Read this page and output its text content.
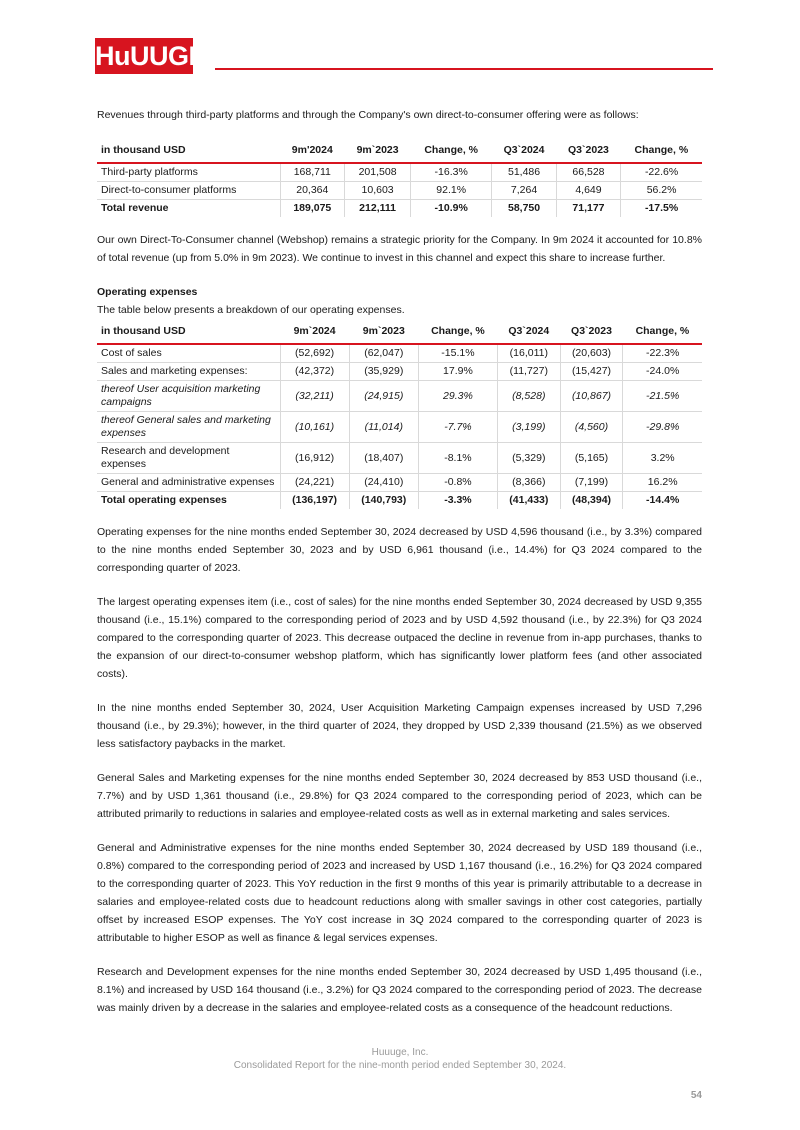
HuUUGE

Revenues through third-party platforms and through the Company's own direct-to-consumer offering were as follows:

in thousand USD	9m'2024	9m`2023	Change, %	Q3`2024	Q3`2023	Change, %
Third-party platforms	168,711	201,508	-16.3%	51,486	66,528	-22.6%
Direct-to-consumer platforms	20,364	10,603	92.1%	7,264	4,649	56.2%
Total revenue	189,075	212,111	-10.9%	58,750	71,177	-17.5%

Our own Direct-To-Consumer channel (Webshop) remains a strategic priority for the Company. In 9m 2024 it accounted for 10.8% of total revenue (up from 5.0% in 9m 2023). We continue to invest in this channel and expect this share to increase further.

Operating expenses

The table below presents a breakdown of our operating expenses.

in thousand USD	9m`2024	9m`2023	Change, %	Q3`2024	Q3`2023	Change, %
Cost of sales	(52,692)	(62,047)	-15.1%	(16,011)	(20,603)	-22.3%
Sales and marketing expenses:	(42,372)	(35,929)	17.9%	(11,727)	(15,427)	-24.0%
thereof User acquisition marketing campaigns	(32,211)	(24,915)	29.3%	(8,528)	(10,867)	-21.5%
thereof General sales and marketing expenses	(10,161)	(11,014)	-7.7%	(3,199)	(4,560)	-29.8%
Research and development expenses	(16,912)	(18,407)	-8.1%	(5,329)	(5,165)	3.2%
General and administrative expenses	(24,221)	(24,410)	-0.8%	(8,366)	(7,199)	16.2%
Total operating expenses	(136,197)	(140,793)	-3.3%	(41,433)	(48,394)	-14.4%

Operating expenses for the nine months ended September 30, 2024 decreased by USD 4,596 thousand (i.e., by 3.3%) compared to the nine months ended September 30, 2023 and by USD 6,961 thousand (i.e., 14.4%) for Q3 2024 compared to the corresponding quarter of 2023.

The largest operating expenses item (i.e., cost of sales) for the nine months ended September 30, 2024 decreased by USD 9,355 thousand (i.e., 15.1%) compared to the corresponding period of 2023 and by USD 4,592 thousand (i.e., by 22.3%) for Q3 2024 compared to the corresponding quarter of 2023. This decrease outpaced the decline in revenue from in-app purchases, thanks to the expansion of our direct-to-consumer webshop platform, which has significantly lower platform fees (and other associated costs).

In the nine months ended September 30, 2024, User Acquisition Marketing Campaign expenses increased by USD 7,296 thousand (i.e., by 29.3%); however, in the third quarter of 2024, they dropped by USD 2,339 thousand (21.5%) as we observed less satisfactory paybacks in the market.

General Sales and Marketing expenses for the nine months ended September 30, 2024 decreased by 853 USD thousand (i.e., 7.7%) and by USD 1,361 thousand (i.e., 29.8%) for Q3 2024 compared to the corresponding period of 2023, which can be attributed primarily to reductions in salaries and employee-related costs as well as in external marketing and sales services.

General and Administrative expenses for the nine months ended September 30, 2024 decreased by USD 189 thousand (i.e., 0.8%) compared to the corresponding period of 2023 and increased by USD 1,167 thousand (i.e., 16.2%) for Q3 2024 compared to the corresponding quarter of 2023. This YoY reduction in the first 9 months of this year is primarily attributable to a decrease in salaries and employee-related costs due to headcount reductions along with smaller savings in other cost categories, partially offset by increased ESOP expenses. The YoY cost increase in 3Q 2024 compared to the corresponding quarter of 2023 is attributable to higher ESOP as well as finance & legal services expenses.

Research and Development expenses for the nine months ended September 30, 2024 decreased by USD 1,495 thousand (i.e., 8.1%) and increased by USD 164 thousand (i.e., 3.2%) for Q3 2024 compared to the corresponding period of 2023. The decrease was mainly driven by a decrease in the salaries and employee-related costs as a consequence of the headcount reductions.

Huuuge, Inc.
Consolidated Report for the nine-month period ended September 30, 2024.
54
